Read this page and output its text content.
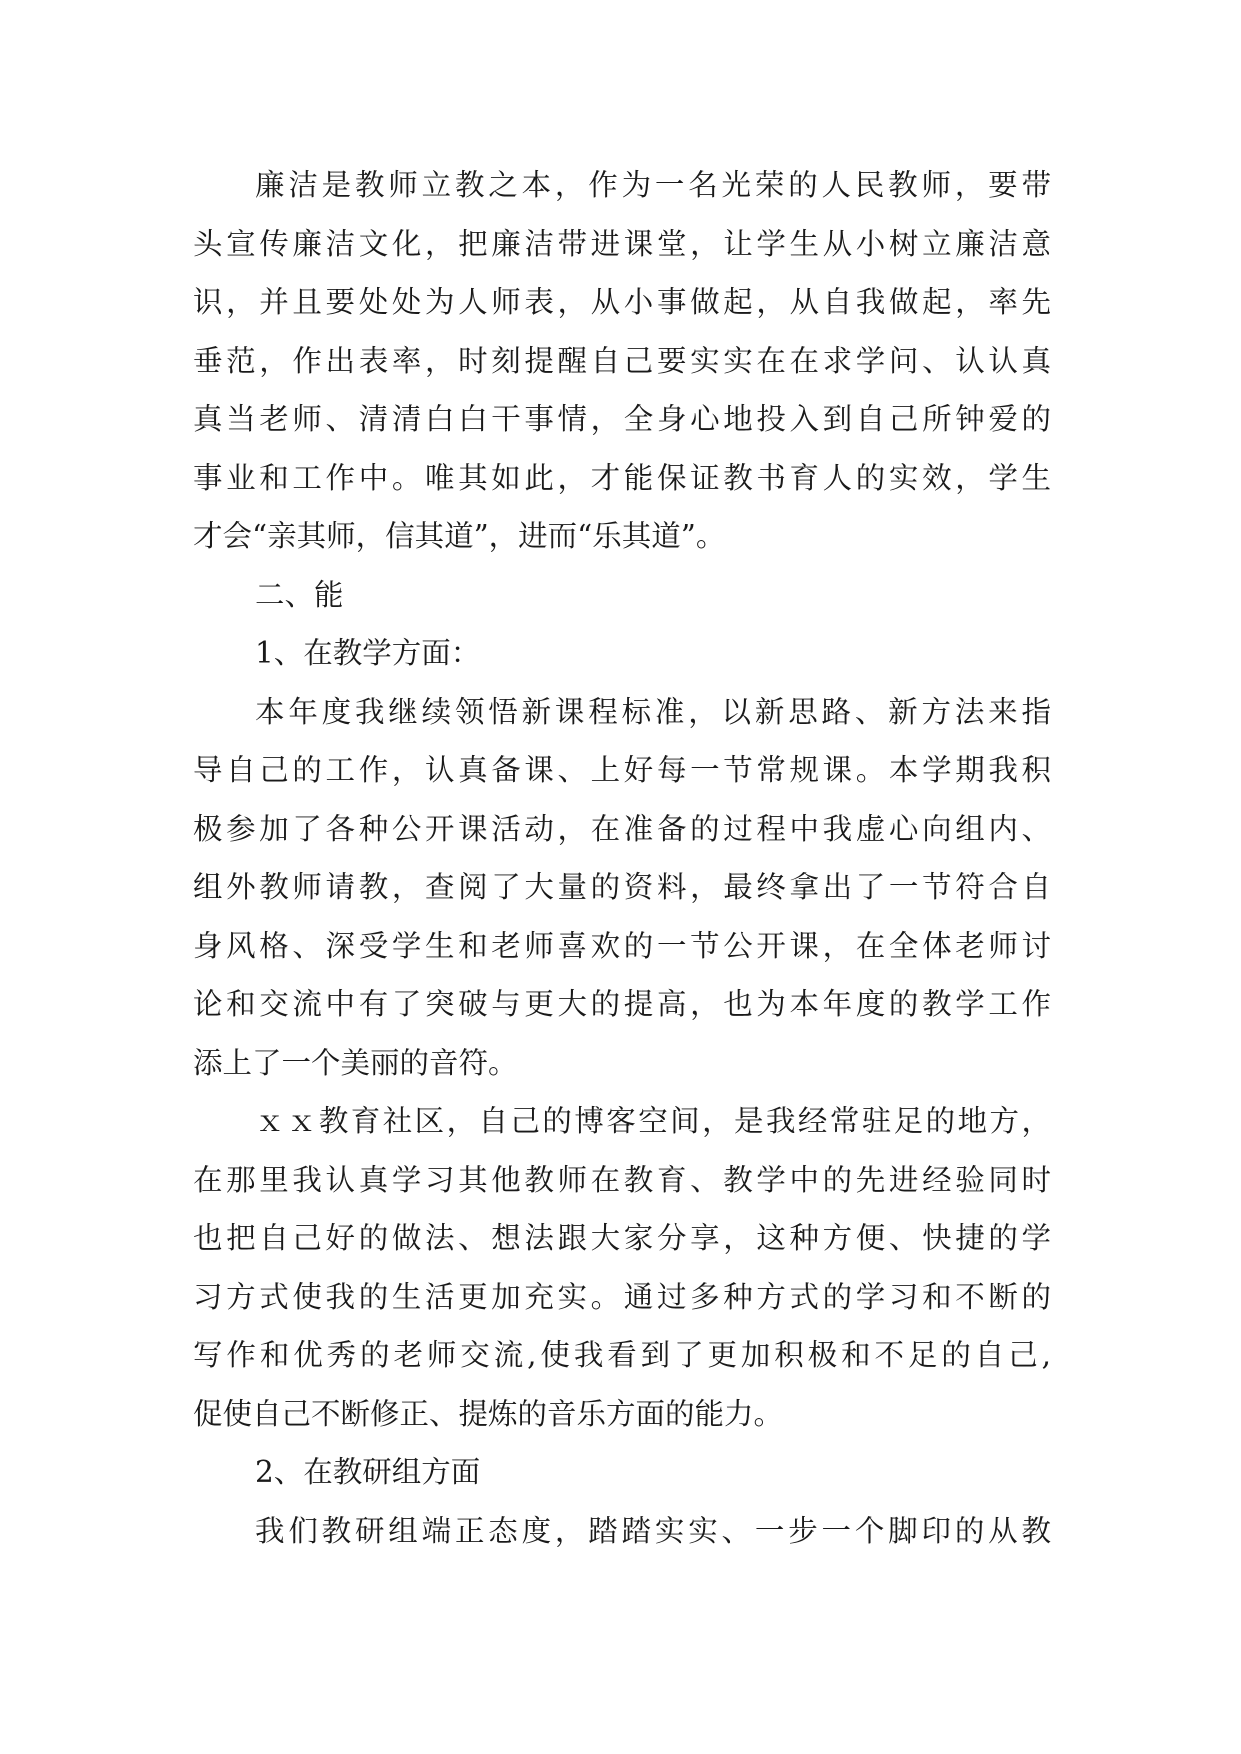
廉洁是教师立教之本，作为一名光荣的人民教师，要带
头宣传廉洁文化，把廉洁带进课堂，让学生从小树立廉洁意
识，并且要处处为人师表，从小事做起，从自我做起，率先
垂范，作出表率，时刻提醒自己要实实在在求学问、认认真
真当老师、清清白白干事情，全身心地投入到自己所钟爱的
事业和工作中。唯其如此，才能保证教书育人的实效，学生
才会“亲其师，信其道”，进而“乐其道”。
二、能
1、在教学方面：
本年度我继续领悟新课程标准，以新思路、新方法来指
导自己的工作，认真备课、上好每一节常规课。本学期我积
极参加了各种公开课活动，在准备的过程中我虚心向组内、
组外教师请教，查阅了大量的资料，最终拿出了一节符合自
身风格、深受学生和老师喜欢的一节公开课，在全体老师讨
论和交流中有了突破与更大的提高，也为本年度的教学工作
添上了一个美丽的音符。
ｘｘ教育社区，自己的博客空间，是我经常驻足的地方，
在那里我认真学习其他教师在教育、教学中的先进经验同时
也把自己好的做法、想法跟大家分享，这种方便、快捷的学
习方式使我的生活更加充实。通过多种方式的学习和不断的
写作和优秀的老师交流,使我看到了更加积极和不足的自己,
促使自己不断修正、提炼的音乐方面的能力。
2、在教研组方面
我们教研组端正态度，踏踏实实、一步一个脚印的从教
